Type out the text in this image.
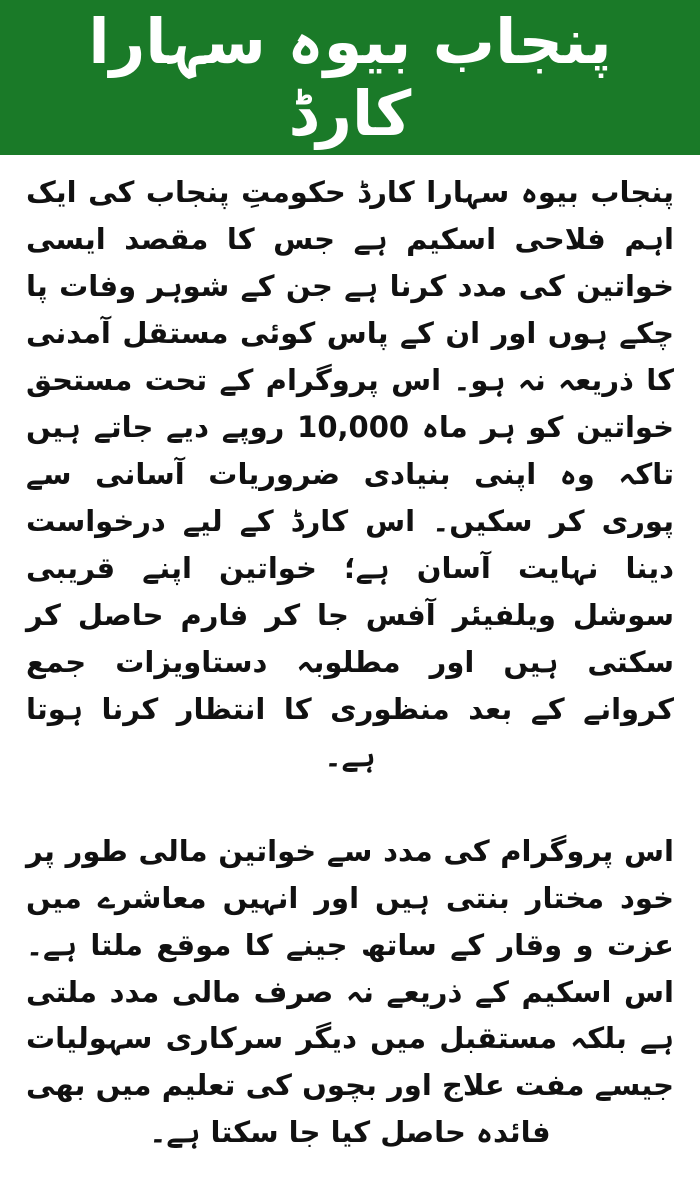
پنجاب بیوہ سہارا کارڈ

پنجاب بیوہ سہارا کارڈ حکومتِ پنجاب کی ایک اہم فلاحی اسکیم ہے جس کا مقصد ایسی خواتین کی مدد کرنا ہے جن کے شوہر وفات پا چکے ہوں اور ان کے پاس کوئی مستقل آمدنی کا ذریعہ نہ ہو۔ اس پروگرام کے تحت مستحق خواتین کو ہر ماہ 10,000 روپے دیے جاتے ہیں تاکہ وہ اپنی بنیادی ضروریات آسانی سے پوری کر سکیں۔ اس کارڈ کے لیے درخواست دینا نہایت آسان ہے؛ خواتین اپنے قریبی سوشل ویلفیئر آفس جا کر فارم حاصل کر سکتی ہیں اور مطلوبہ دستاویزات جمع کروانے کے بعد منظوری کا انتظار کرنا ہوتا ہے۔

اس پروگرام کی مدد سے خواتین مالی طور پر خود مختار بنتی ہیں اور انہیں معاشرے میں عزت و وقار کے ساتھ جینے کا موقع ملتا ہے۔ اس اسکیم کے ذریعے نہ صرف مالی مدد ملتی ہے بلکہ مستقبل میں دیگر سرکاری سہولیات جیسے مفت علاج اور بچوں کی تعلیم میں بھی فائدہ حاصل کیا جا سکتا ہے۔
